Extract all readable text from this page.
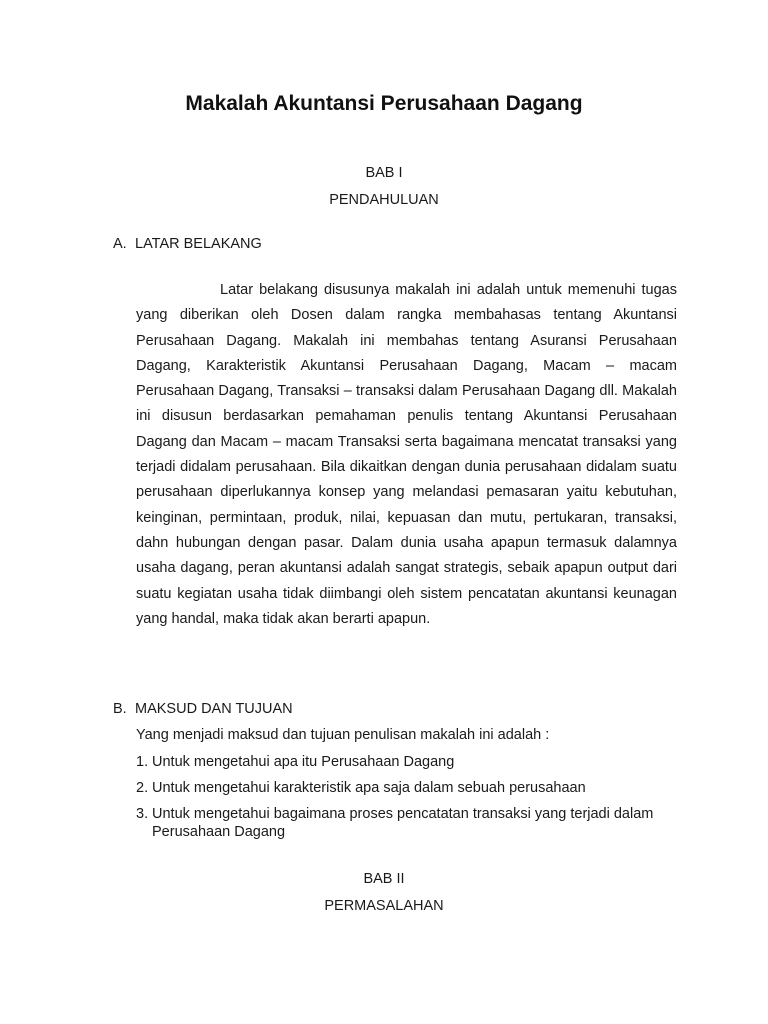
Makalah Akuntansi Perusahaan Dagang
BAB I
PENDAHULUAN
A. LATAR BELAKANG
Latar belakang disusunya makalah ini adalah untuk memenuhi tugas yang diberikan oleh Dosen dalam rangka membahasas tentang Akuntansi Perusahaan Dagang. Makalah ini membahas tentang Asuransi Perusahaan Dagang, Karakteristik Akuntansi Perusahaan Dagang, Macam – macam Perusahaan Dagang, Transaksi – transaksi dalam Perusahaan Dagang dll. Makalah ini disusun berdasarkan pemahaman penulis tentang Akuntansi Perusahaan Dagang dan Macam – macam Transaksi serta bagaimana mencatat transaksi yang terjadi didalam perusahaan. Bila dikaitkan dengan dunia perusahaan didalam suatu perusahaan diperlukannya konsep yang melandasi pemasaran yaitu kebutuhan, keinginan, permintaan, produk, nilai, kepuasan dan mutu, pertukaran, transaksi, dahn hubungan dengan pasar. Dalam dunia usaha apapun termasuk dalamnya usaha dagang, peran akuntansi adalah sangat strategis, sebaik apapun output dari suatu kegiatan usaha tidak diimbangi oleh sistem pencatatan akuntansi keunagan yang handal, maka tidak akan berarti apapun.
B. MAKSUD DAN TUJUAN
Yang menjadi maksud dan tujuan penulisan makalah ini adalah :
1. Untuk mengetahui apa itu Perusahaan Dagang
2. Untuk mengetahui karakteristik apa saja dalam sebuah perusahaan
3. Untuk mengetahui bagaimana proses pencatatan transaksi yang terjadi dalam Perusahaan Dagang
BAB II
PERMASALAHAN
